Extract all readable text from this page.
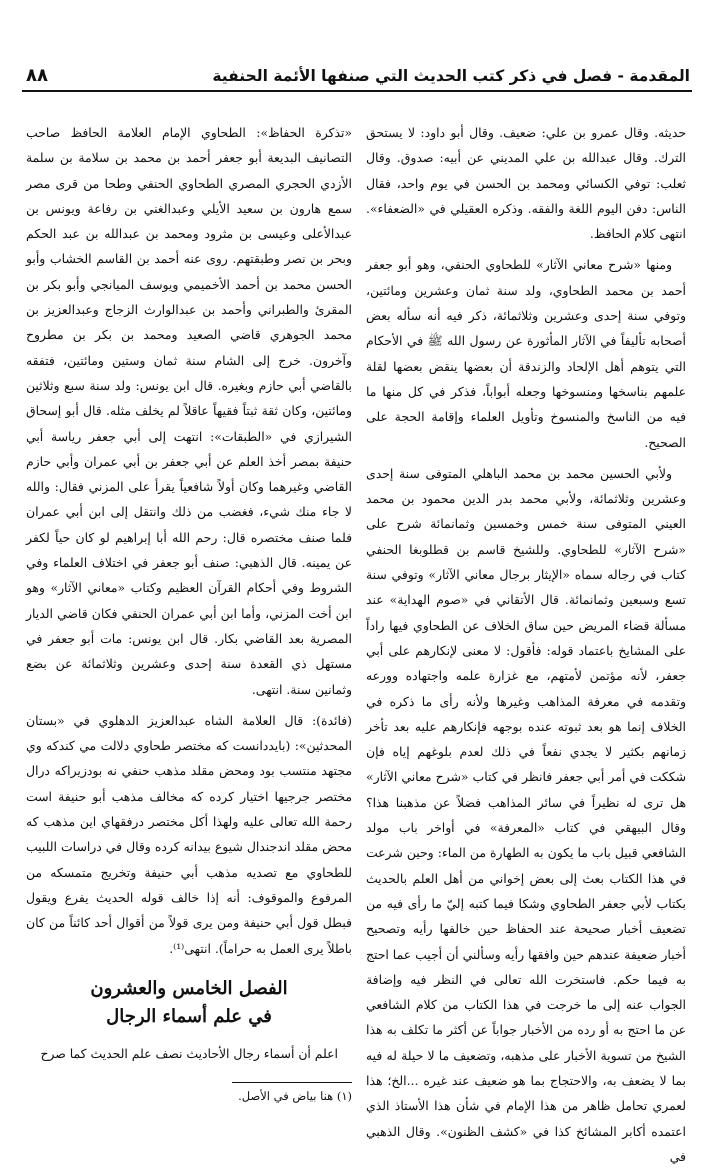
المقدمة - فصل في ذكر كتب الحديث التي صنفها الأئمة الحنفية
٨٨

حديثه. وقال عمرو بن علي: ضعيف. وقال أبو داود: لا يستحق الترك. وقال عبدالله بن علي المديني عن أبيه: صدوق. وقال ثعلب: توفي الكسائي ومحمد بن الحسن في يوم واحد، فقال الناس: دفن اليوم اللغة والفقه. وذكره العقيلي في «الضعفاء». انتهى كلام الحافظ.

ومنها «شرح معاني الآثار» للطحاوي الحنفي، وهو أبو جعفر أحمد بن محمد الطحاوي، ولد سنة ثمان وعشرين ومائتين، وتوفي سنة إحدى وعشرين وثلاثمائة، ذكر فيه أنه سأله بعض أصحابه تأليفاً في الآثار المأثورة عن رسول الله ﷺ في الأحكام التي يتوهم أهل الإلحاد والزندقة أن بعضها ينقض بعضها لقلة علمهم بناسخها ومنسوخها وجعله أبواباً، فذكر في كل منها ما فيه من الناسخ والمنسوخ وتأويل العلماء وإقامة الحجة على الصحيح.

ولأبي الحسين محمد بن محمد الباهلي المتوفى سنة إحدى وعشرين وثلاثمائة، ولأبي محمد بدر الدين محمود بن محمد العيني المتوفى سنة خمس وخمسين وثمانمائة شرح على «شرح الآثار» للطحاوي. وللشيخ قاسم بن قطلوبغا الحنفي كتاب في رجاله سماه «الإيثار برجال معاني الآثار» وتوفي سنة تسع وسبعين وثمانمائة. قال الأتقاني في «صوم الهداية» عند مسألة قضاء المريض حين ساق الخلاف عن الطحاوي فيها راداً على المشايخ باعتماد قوله: فأقول: لا معنى لإنكارهم على أبي جعفر، لأنه مؤتمن لأمتهم، مع غزارة علمه واجتهاده وورعه وتقدمه في معرفة المذاهب وغيرها ولأنه رأى ما ذكره في الخلاف إنما هو بعد ثبوته عنده بوجهه فإنكارهم عليه بعد تأخر زمانهم بكثير لا يجدي نفعاً في ذلك لعدم بلوغهم إياه فإن شككت في أمر أبي جعفر فانظر في كتاب «شرح معاني الآثار» هل ترى له نظيراً في سائر المذاهب فضلاً عن مذهبنا هذا؟ وقال البيهقي في كتاب «المعرفة» في أواخر باب مولد الشافعي قبيل باب ما يكون به الطهارة من الماء: وحين شرعت في هذا الكتاب بعث إلى بعض إخواني من أهل العلم بالحديث بكتاب لأبي جعفر الطحاوي وشكا فيما كتبه إليّ ما رأى فيه من تضعيف أخبار صحيحة عند الحفاظ حين خالفها رأيه وتصحيح أخبار ضعيفة عندهم حين وافقها رأيه وسألني أن أجيب عما احتج به فيما حكم. فاستخرت الله تعالى في النظر فيه وإضافة الجواب عنه إلى ما خرجت في هذا الكتاب من كلام الشافعي عن ما احتج به أو رده من الأخبار جواباً عن أكثر ما تكلف به هذا الشيخ من تسوية الأخبار على مذهبه، وتضعيف ما لا حيلة له فيه بما لا يضعف به، والاحتجاج بما هو ضعيف عند غيره ...الخ؛ هذا لعمري تحامل ظاهر من هذا الإمام في شأن هذا الأستاذ الذي اعتمده أكابر المشائخ كذا في «كشف الظنون». وقال الذهبي في

«تذكرة الحفاظ»: الطحاوي الإمام العلامة الحافظ صاحب التصانيف البديعة أبو جعفر أحمد بن محمد بن سلامة بن سلمة الأزدي الحجري المصري الطحاوي الحنفي وطحا من قرى مصر سمع هارون بن سعيد الأيلي وعبدالغني بن رفاعة ويونس بن عبدالأعلى وعيسى بن مثرود ومحمد بن عبدالله بن عبد الحكم وبحر بن نصر وطبقتهم. روى عنه أحمد بن القاسم الخشاب وأبو الحسن محمد بن أحمد الأخميمي ويوسف الميانجي وأبو بكر بن المقرئ والطبراني وأحمد بن عبدالوارث الزجاج وعبدالعزيز بن محمد الجوهري قاضي الصعيد ومحمد بن بكر بن مطروح وآخرون. خرج إلى الشام سنة ثمان وستين ومائتين، فتفقه بالقاضي أبي حازم وبغيره. قال ابن يونس: ولد سنة سبع وثلاثين ومائتين، وكان ثقة ثبتاً فقيهاً عاقلاً لم يخلف مثله. قال أبو إسحاق الشيرازي في «الطبقات»: انتهت إلى أبي جعفر رياسة أبي حنيفة بمصر أخذ العلم عن أبي جعفر بن أبي عمران وأبي حازم القاضي وغيرهما وكان أولاً شافعياً يقرأ على المزني فقال: والله لا جاء منك شيء، فغضب من ذلك وانتقل إلى ابن أبي عمران فلما صنف مختصره قال: رحم الله أبا إبراهيم لو كان حياً لكفر عن يمينه. قال الذهبي: صنف أبو جعفر في اختلاف العلماء وفي الشروط وفي أحكام القرآن العظيم وكتاب «معاني الآثار» وهو ابن أخت المزني، وأما ابن أبي عمران الحنفي فكان قاضي الديار المصرية بعد القاضي بكار. قال ابن يونس: مات أبو جعفر في مستهل ذي القعدة سنة إحدى وعشرين وثلاثمائة عن بضع وثمانين سنة. انتهى.

(فائدة): قال العلامة الشاه عبدالعزيز الدهلوي في «بستان المحدثين»: (بايددانست كه مختصر طحاوي دلالت مي كندكه وي مجتهد منتسب بود ومحض مقلد مذهب حنفي نه بودزيراكه درال مختصر جرجيها اختيار كرده كه مخالف مذهب أبو حنيفة است رحمة الله تعالى عليه ولهذا أكل مختصر درفقهاي اين مذهب كه محض مقلد اندجندال شيوع بيدانه كرده وقال في دراسات اللبيب للطحاوي مع تصديه مذهب أبي حنيفة وتخريج متمسكه من المرفوع والموقوف: أنه إذا خالف قوله الحديث يفرع ويقول فبطل قول أبي حنيفة ومن يرى قولاً من أقوال أحد كائناً من كان باطلاً يرى العمل به حراماً). انتهى⁽¹⁾.

الفصل الخامس والعشرون
في علم أسماء الرجال

اعلم أن أسماء رجال الأحاديث نصف علم الحديث كما صرح

(١) هنا بياض في الأصل.
